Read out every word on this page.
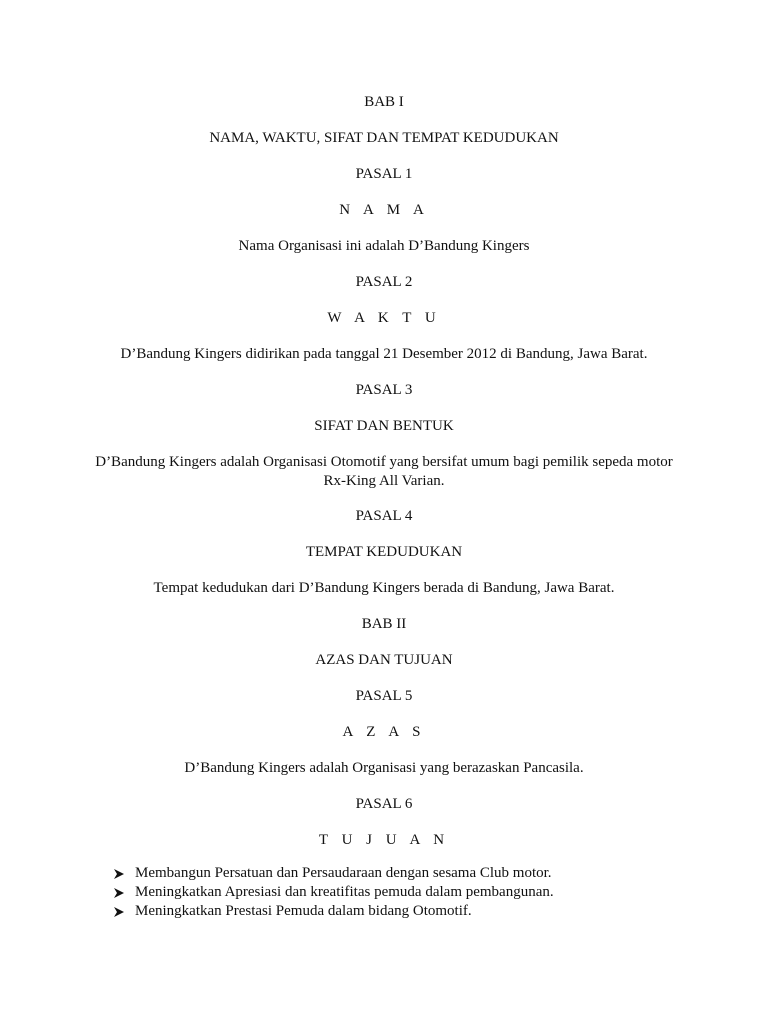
BAB I
NAMA, WAKTU, SIFAT DAN TEMPAT KEDUDUKAN
PASAL 1
N A M A
Nama Organisasi ini adalah D’Bandung Kingers
PASAL 2
W A K T U
D’Bandung Kingers didirikan pada tanggal 21 Desember 2012 di Bandung, Jawa Barat.
PASAL 3
SIFAT DAN BENTUK
D’Bandung Kingers adalah Organisasi Otomotif yang bersifat umum bagi pemilik sepeda motor Rx-King All Varian.
PASAL 4
TEMPAT KEDUDUKAN
Tempat kedudukan dari D’Bandung Kingers berada di Bandung, Jawa Barat.
BAB II
AZAS DAN TUJUAN
PASAL 5
A Z A S
D’Bandung Kingers adalah Organisasi yang berazaskan Pancasila.
PASAL 6
T U J U A N
Membangun Persatuan dan Persaudaraan dengan sesama Club motor.
Meningkatkan Apresiasi dan kreatifitas pemuda dalam pembangunan.
Meningkatkan Prestasi Pemuda dalam bidang Otomotif.
